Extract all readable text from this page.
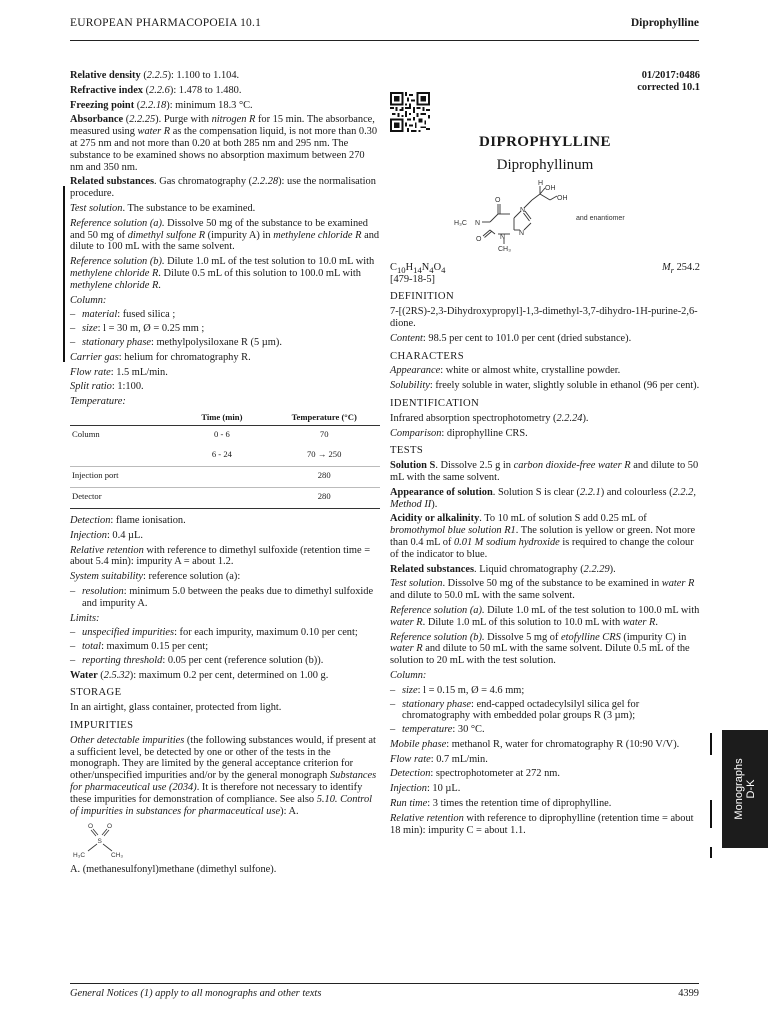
EUROPEAN PHARMACOPOEIA 10.1	Diprophylline

Relative density (2.2.5): 1.100 to 1.104.

Refractive index (2.2.6): 1.478 to 1.480.

Freezing point (2.2.18): minimum 18.3 °C.

Absorbance (2.2.25). Purge with nitrogen R for 15 min. The absorbance, measured using water R as the compensation liquid, is not more than 0.30 at 275 nm and not more than 0.20 at both 285 nm and 295 nm. The substance to be examined shows no absorption maximum between 270 nm and 350 nm.

Related substances. Gas chromatography (2.2.28): use the normalisation procedure.

Test solution. The substance to be examined.

Reference solution (a). Dissolve 50 mg of the substance to be examined and 50 mg of dimethyl sulfone R (impurity A) in methylene chloride R and dilute to 100 mL with the same solvent.

Reference solution (b). Dilute 1.0 mL of the test solution to 10.0 mL with methylene chloride R. Dilute 0.5 mL of this solution to 100.0 mL with methylene chloride R.

Column:

– material: fused silica ;
– size: l = 30 m, Ø = 0.25 mm ;
– stationary phase: methylpolysiloxane R (5 µm).

Carrier gas: helium for chromatography R.

Flow rate: 1.5 mL/min.

Split ratio: 1:100.

Temperature:

	Time (min)	Temperature (°C)
Column	0 - 6	70
	6 - 24	70 → 250
Injection port		280
Detector		280

Detection: flame ionisation.

Injection: 0.4 µL.

Relative retention with reference to dimethyl sulfoxide (retention time = about 5.4 min): impurity A = about 1.2.

System suitability: reference solution (a):

– resolution: minimum 5.0 between the peaks due to dimethyl sulfoxide and impurity A.

Limits:

– unspecified impurities: for each impurity, maximum 0.10 per cent;
– total: maximum 0.15 per cent;
– reporting threshold: 0.05 per cent (reference solution (b)).

Water (2.5.32): maximum 0.2 per cent, determined on 1.00 g.

STORAGE

In an airtight, glass container, protected from light.

IMPURITIES

Other detectable impurities (the following substances would, if present at a sufficient level, be detected by one or other of the tests in the monograph. They are limited by the general acceptance criterion for other/unspecified impurities and/or by the general monograph Substances for pharmaceutical use (2034). It is therefore not necessary to identify these impurities for demonstration of compliance. See also 5.10. Control of impurities in substances for pharmaceutical use): A.

O O
S
H₃C	CH₃

A. (methanesulfonyl)methane (dimethyl sulfone).

01/2017:0486
corrected 10.1
DIPROPHYLLINE
Diprophyllinum
H
OH
OH
H₃C N
N
N
N
O
O
CH₃
and enantiomer
$C_{10}H_{14}N_4O_4$	$M_r$ 254.2

[479-18-5]

DEFINITION

7-[(2RS)-2,3-Dihydroxypropyl]-1,3-dimethyl-3,7-dihydro-1H-purine-2,6-dione.

Content: 98.5 per cent to 101.0 per cent (dried substance).

CHARACTERS

Appearance: white or almost white, crystalline powder.

Solubility: freely soluble in water, slightly soluble in ethanol (96 per cent).

IDENTIFICATION

Infrared absorption spectrophotometry (2.2.24).

Comparison: diprophylline CRS.

TESTS

Solution S. Dissolve 2.5 g in carbon dioxide-free water R and dilute to 50 mL with the same solvent.

Appearance of solution. Solution S is clear (2.2.1) and colourless (2.2.2, Method II).

Acidity or alkalinity. To 10 mL of solution S add 0.25 mL of bromothymol blue solution R1. The solution is yellow or green. Not more than 0.4 mL of 0.01 M sodium hydroxide is required to change the colour of the indicator to blue.

Related substances. Liquid chromatography (2.2.29).

Test solution. Dissolve 50 mg of the substance to be examined in water R and dilute to 50.0 mL with the same solvent.

Reference solution (a). Dilute 1.0 mL of the test solution to 100.0 mL with water R. Dilute 1.0 mL of this solution to 10.0 mL with water R.

Reference solution (b). Dissolve 5 mg of etofylline CRS (impurity C) in water R and dilute to 50 mL with the same solvent. Dilute 0.5 mL of the solution to 20 mL with the test solution.

Column:

– size: l = 0.15 m, Ø = 4.6 mm;
– stationary phase: end-capped octadecylsilyl silica gel for chromatography with embedded polar groups R (3 µm);
– temperature: 30 °C.

Mobile phase: methanol R, water for chromatography R (10:90 V/V).

Flow rate: 0.7 mL/min.

Detection: spectrophotometer at 272 nm.

Injection: 10 µL.

Run time: 3 times the retention time of diprophylline.

Relative retention with reference to diprophylline (retention time = about 18 min): impurity C = about 1.1.

Monographs D-K
General Notices (1) apply to all monographs and other texts	4399
